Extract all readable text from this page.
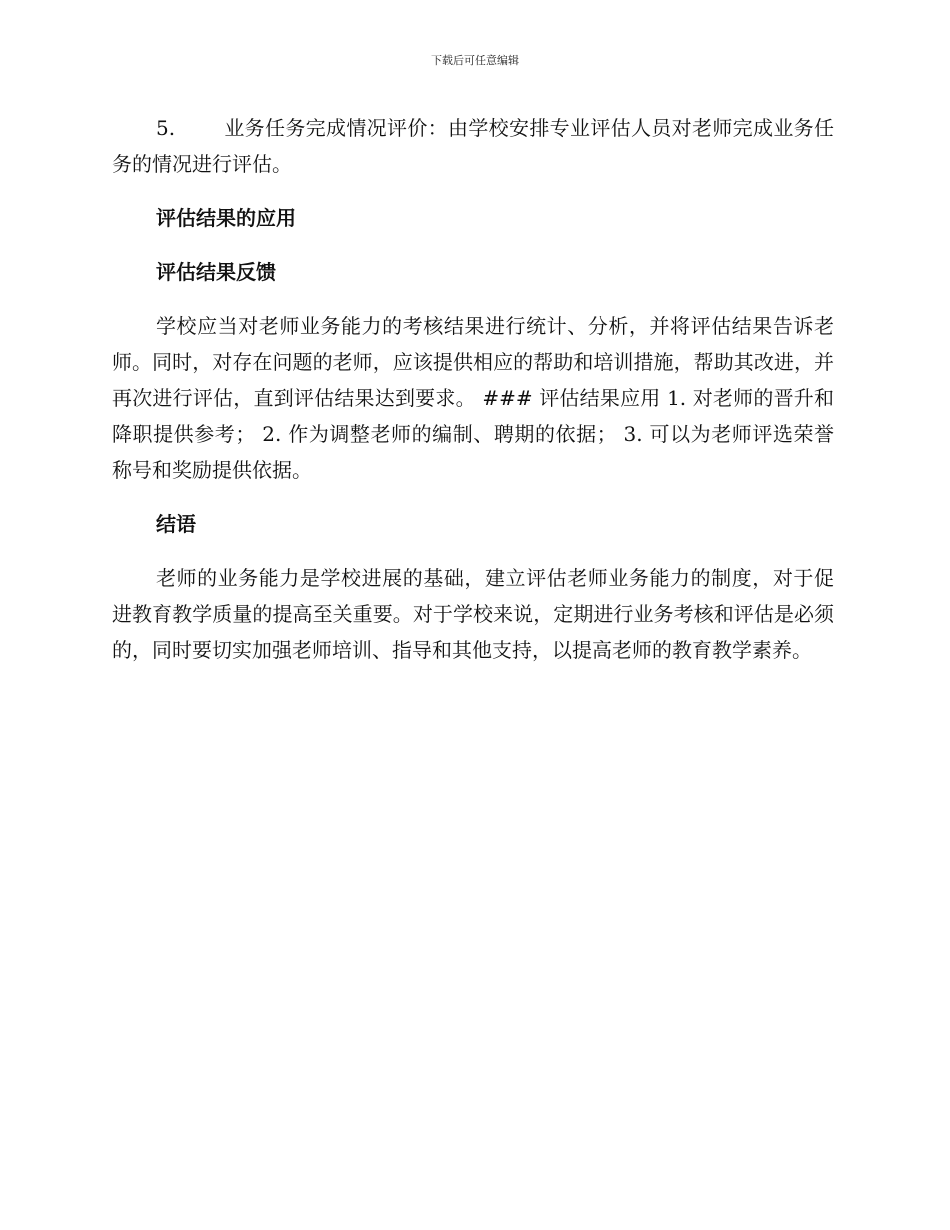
下载后可任意编辑

5. 业务任务完成情况评价：由学校安排专业评估人员对老师完成业务任务的情况进行评估。

评估结果的应用
评估结果反馈

学校应当对老师业务能力的考核结果进行统计、分析，并将评估结果告诉老师。同时，对存在问题的老师，应该提供相应的帮助和培训措施，帮助其改进，并再次进行评估，直到评估结果达到要求。 ### 评估结果应用 1. 对老师的晋升和降职提供参考； 2. 作为调整老师的编制、聘期的依据； 3. 可以为老师评选荣誉称号和奖励提供依据。

结语

老师的业务能力是学校进展的基础，建立评估老师业务能力的制度，对于促进教育教学质量的提高至关重要。对于学校来说，定期进行业务考核和评估是必须的，同时要切实加强老师培训、指导和其他支持，以提高老师的教育教学素养。
